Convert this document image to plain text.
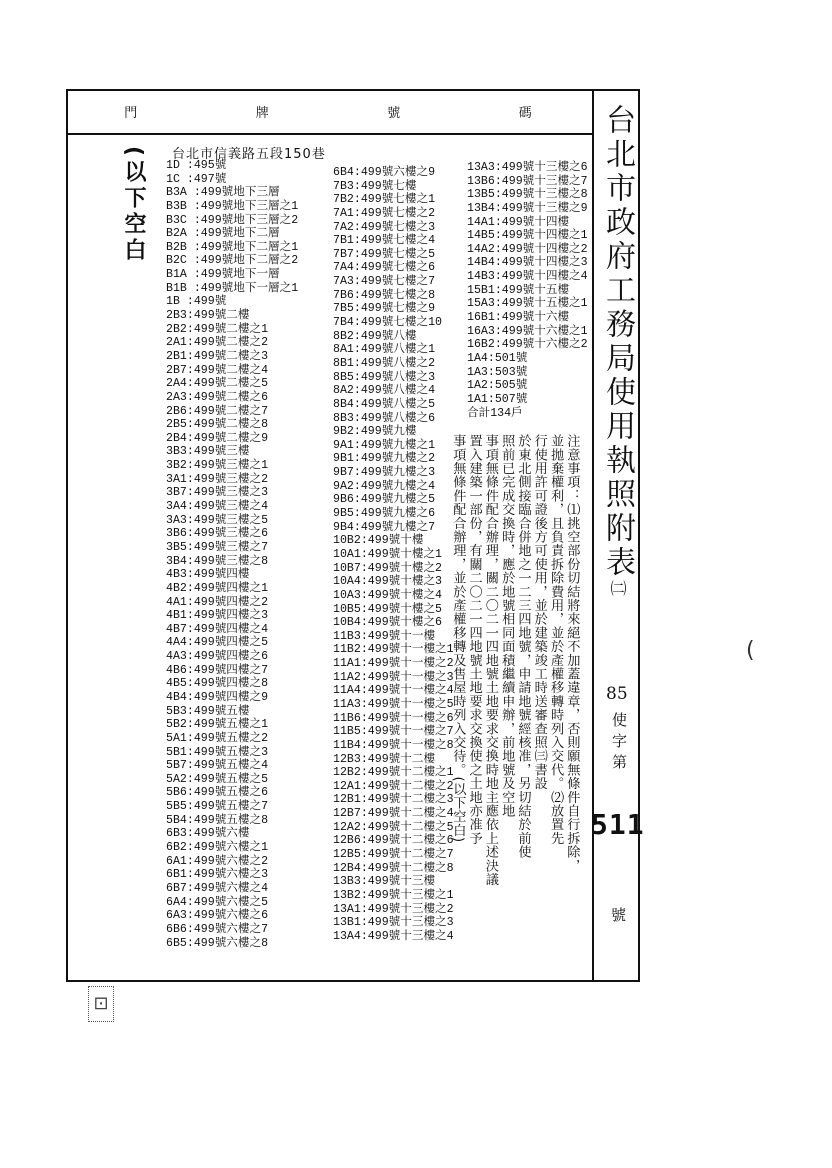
門	牌	號	碼 台北市政府工務局使用執照附表㈡
85
使字第
511
號
(以下空白 台北市信義路五段150巷
1D :495號
1C :497號
B3A :499號地下三層
B3B :499號地下三層之1
B3C :499號地下三層之2
B2A :499號地下二層
B2B :499號地下二層之1
B2C :499號地下二層之2
B1A :499號地下一層
B1B :499號地下一層之1
1B :499號
2B3:499號二樓
2B2:499號二樓之1
2A1:499號二樓之2
2B1:499號二樓之3
2B7:499號二樓之4
2A4:499號二樓之5
2A3:499號二樓之6
2B6:499號二樓之7
2B5:499號二樓之8
2B4:499號二樓之9
3B3:499號三樓
3B2:499號三樓之1
3A1:499號三樓之2
3B7:499號三樓之3
3A4:499號三樓之4
3A3:499號三樓之5
3B6:499號三樓之6
3B5:499號三樓之7
3B4:499號三樓之8
4B3:499號四樓
4B2:499號四樓之1
4A1:499號四樓之2
4B1:499號四樓之3
4B7:499號四樓之4
4A4:499號四樓之5
4A3:499號四樓之6
4B6:499號四樓之7
4B5:499號四樓之8
4B4:499號四樓之9
5B3:499號五樓
5B2:499號五樓之1
5A1:499號五樓之2
5B1:499號五樓之3
5B7:499號五樓之4
5A2:499號五樓之5
5B6:499號五樓之6
5B5:499號五樓之7
5B4:499號五樓之8
6B3:499號六樓
6B2:499號六樓之1
6A1:499號六樓之2
6B1:499號六樓之3
6B7:499號六樓之4
6A4:499號六樓之5
6A3:499號六樓之6
6B6:499號六樓之7
6B5:499號六樓之8
6B4:499號六樓之9
7B3:499號七樓
7B2:499號七樓之1
7A1:499號七樓之2
7A2:499號七樓之3
7B1:499號七樓之4
7B7:499號七樓之5
7A4:499號七樓之6
7A3:499號七樓之7
7B6:499號七樓之8
7B5:499號七樓之9
7B4:499號七樓之10
8B2:499號八樓
8A1:499號八樓之1
8B1:499號八樓之2
8B5:499號八樓之3
8A2:499號八樓之4
8B4:499號八樓之5
8B3:499號八樓之6
9B2:499號九樓
9A1:499號九樓之1
9B1:499號九樓之2
9B7:499號九樓之3
9A2:499號九樓之4
9B6:499號九樓之5
9B5:499號九樓之6
9B4:499號九樓之7
10B2:499號十樓
10A1:499號十樓之1
10B7:499號十樓之2
10A4:499號十樓之3
10A3:499號十樓之4
10B5:499號十樓之5
10B4:499號十樓之6
11B3:499號十一樓
11B2:499號十一樓之1
11A1:499號十一樓之2
11A2:499號十一樓之3
11A4:499號十一樓之4
11A3:499號十一樓之5
11B6:499號十一樓之6
11B5:499號十一樓之7
11B4:499號十一樓之8
12B3:499號十二樓
12B2:499號十二樓之1
12A1:499號十二樓之2
12B1:499號十二樓之3
12B7:499號十二樓之4
12A2:499號十二樓之5
12B6:499號十二樓之6
12B5:499號十二樓之7
12B4:499號十二樓之8
13B3:499號十三樓
13B2:499號十三樓之1
13A1:499號十三樓之2
13B1:499號十三樓之3
13A4:499號十三樓之4
13A3:499號十三樓之6
13B6:499號十三樓之7
13B5:499號十三樓之8
13B4:499號十三樓之9
14A1:499號十四樓
14B5:499號十四樓之1
14A2:499號十四樓之2
14B4:499號十四樓之3
14B3:499號十四樓之4
15B1:499號十五樓
15A3:499號十五樓之1
16B1:499號十六樓
16A3:499號十六樓之1
16B2:499號十六樓之2
1A4:501號
1A3:503號
1A2:505號
1A1:507號
合計134戶
注意事項：⑴挑空部份切結將來絕不加蓋違章，否則願無條件自行拆除，
並拋棄權利，且負責拆除費用，並於產權移轉時列入交代。⑵放置先
行使用許可證後方可使用，並於建築竣工時送審查照㈢書設
於東北側接臨合併地之一二三四地號，申請地號經核准，另切結於前使
照前已完成交換時，應於地號相同面積繼續申辦，前地號及空地
事項無條件配合辦理，關二〇二一四地號土地要求交換時地主應依上述決議
置入建築一部份，有關二〇二一四地號土地要求交換使之土地亦准予
事項無條件配合辦理，並於產權移轉及售屋時列入交待。(以下空白)	(
⊡
